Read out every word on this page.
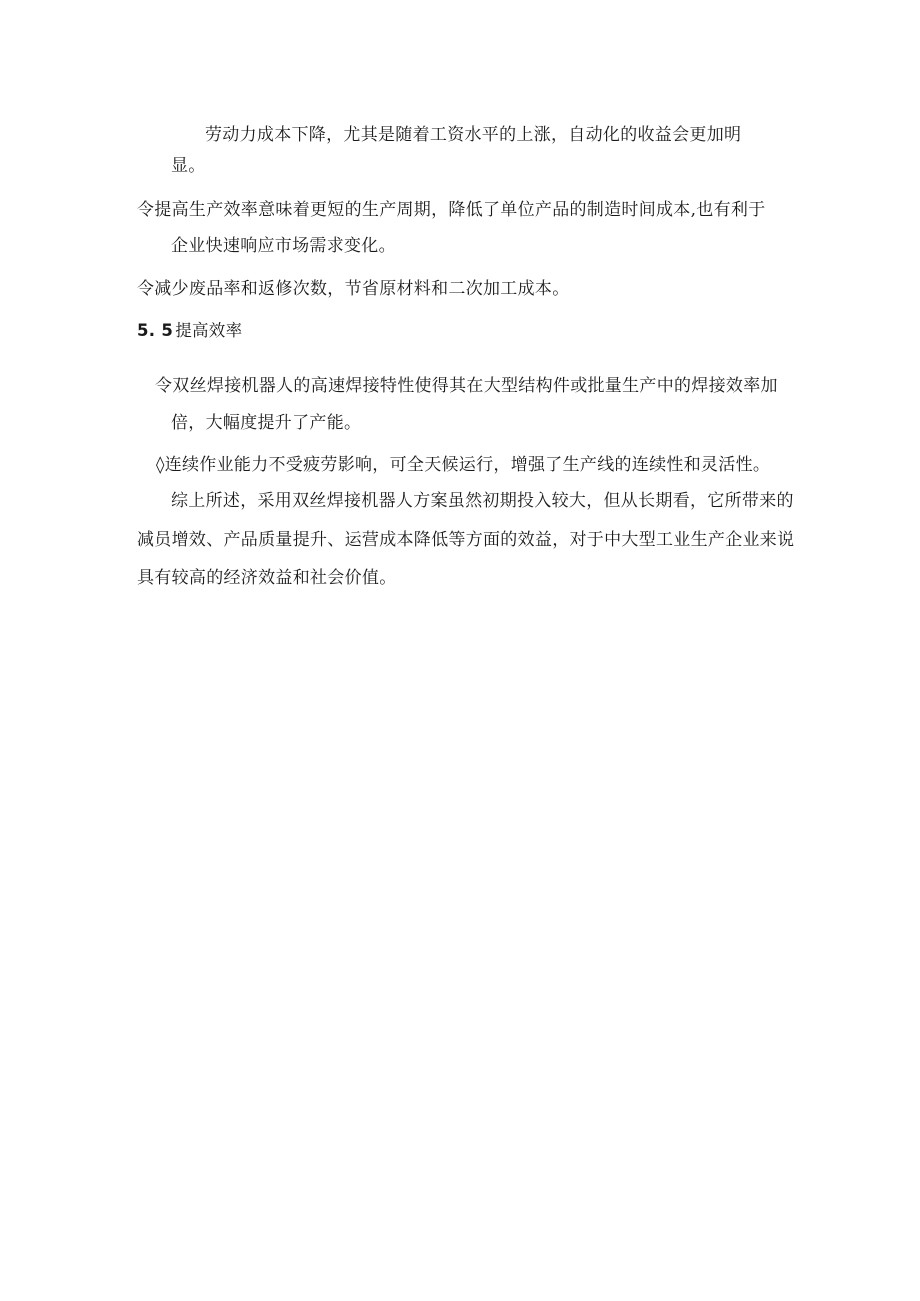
劳动力成本下降，尤其是随着工资水平的上涨，自动化的收益会更加明

显。

令提高生产效率意味着更短的生产周期，降低了单位产品的制造时间成本,也有利于

企业快速响应市场需求变化。

令减少废品率和返修次数，节省原材料和二次加工成本。

5. 5 提高效率

令双丝焊接机器人的高速焊接特性使得其在大型结构件或批量生产中的焊接效率加

倍，大幅度提升了产能。

◊连续作业能力不受疲劳影响，可全天候运行，增强了生产线的连续性和灵活性。

综上所述，采用双丝焊接机器人方案虽然初期投入较大，但从长期看，它所带来的

减员增效、产品质量提升、运营成本降低等方面的效益，对于中大型工业生产企业来说

具有较高的经济效益和社会价值。
